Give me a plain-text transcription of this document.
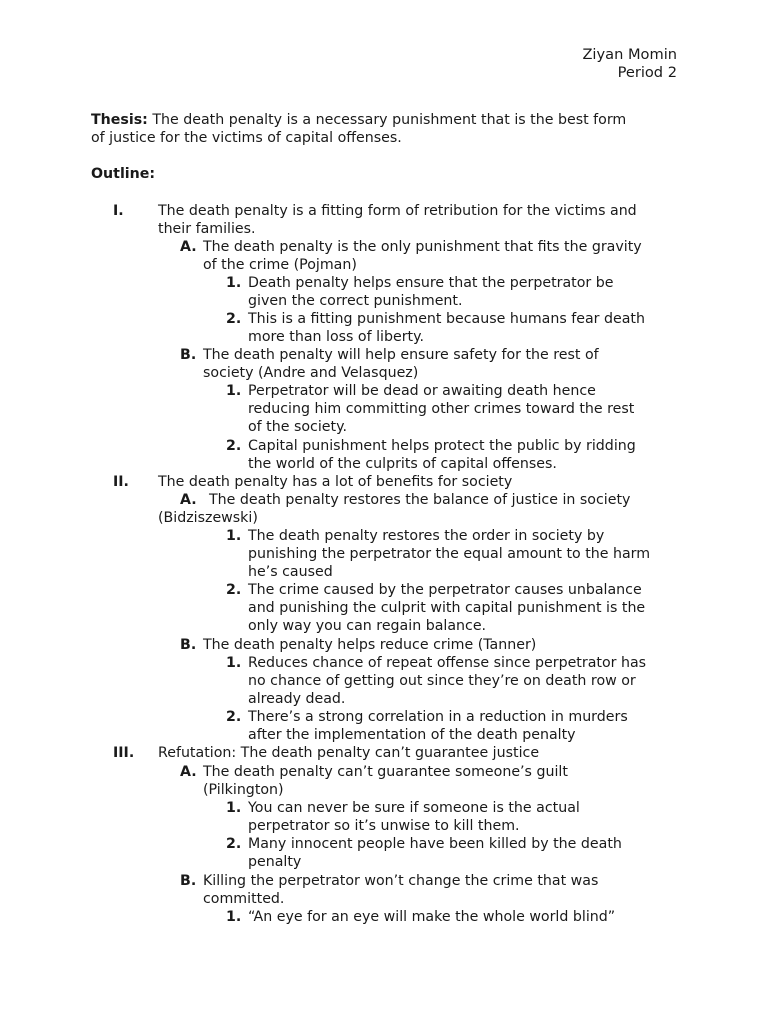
Ziyan Momin
Period 2
Thesis: The death penalty is a necessary punishment that is the best form
of justice for the victims of capital offenses.
Outline:
I. The death penalty is a fitting form of retribution for the victims and
their families.
A. The death penalty is the only punishment that fits the gravity
of the crime (Pojman)
1. Death penalty helps ensure that the perpetrator be
given the correct punishment.
2. This is a fitting punishment because humans fear death
more than loss of liberty.
B. The death penalty will help ensure safety for the rest of
society (Andre and Velasquez)
1. Perpetrator will be dead or awaiting death hence
reducing him committing other crimes toward the rest
of the society.
2. Capital punishment helps protect the public by ridding
the world of the culprits of capital offenses.
II. The death penalty has a lot of benefits for society
A. The death penalty restores the balance of justice in society
(Bidziszewski)
1. The death penalty restores the order in society by
punishing the perpetrator the equal amount to the harm
he’s caused
2. The crime caused by the perpetrator causes unbalance
and punishing the culprit with capital punishment is the
only way you can regain balance.
B. The death penalty helps reduce crime (Tanner)
1. Reduces chance of repeat offense since perpetrator has
no chance of getting out since they’re on death row or
already dead.
2. There’s a strong correlation in a reduction in murders
after the implementation of the death penalty
III. Refutation: The death penalty can’t guarantee justice
A. The death penalty can’t guarantee someone’s guilt
(Pilkington)
1. You can never be sure if someone is the actual
perpetrator so it’s unwise to kill them.
2. Many innocent people have been killed by the death
penalty
B. Killing the perpetrator won’t change the crime that was
committed.
1. “An eye for an eye will make the whole world blind”
